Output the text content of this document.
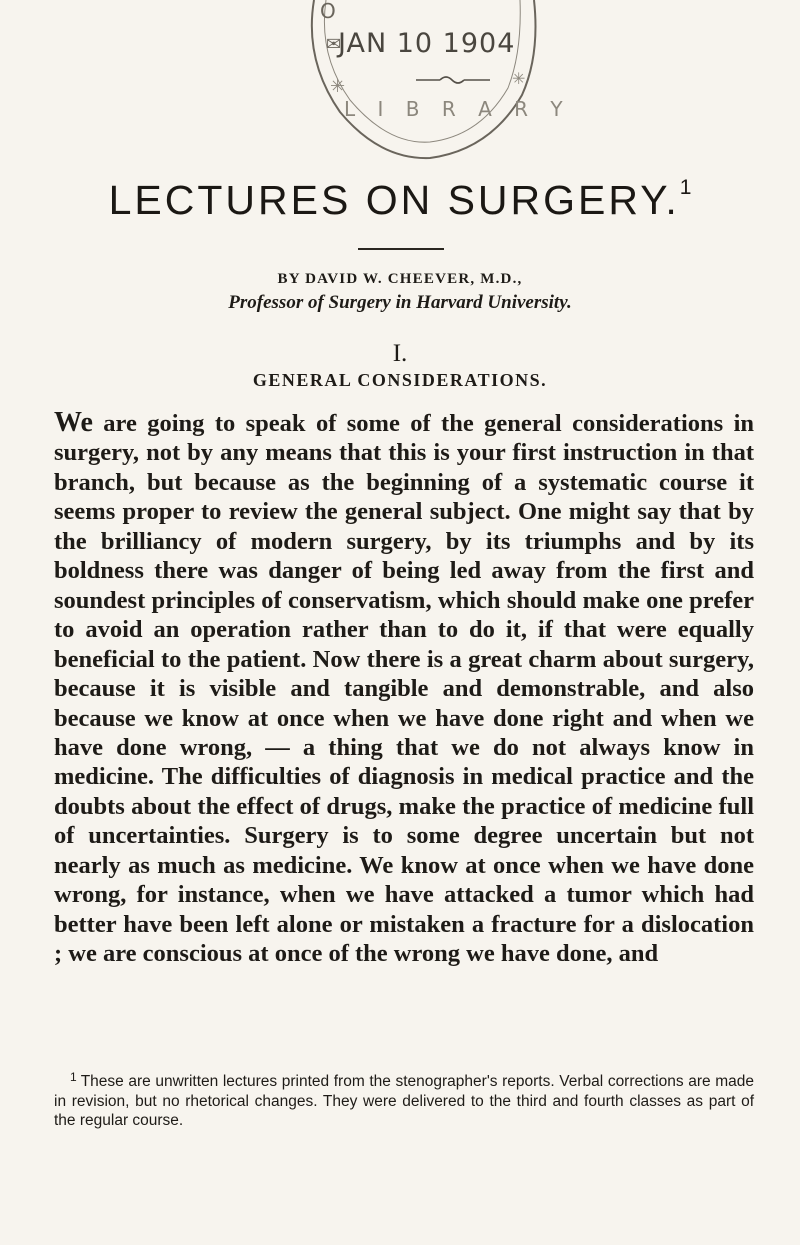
O
✉
✳	✳
L I B R A R Y
JAN 10 1904
LECTURES ON SURGERY.$^1$
BY DAVID W. CHEEVER, M.D.,
Professor of Surgery in Harvard University.
I.
GENERAL CONSIDERATIONS.

We are going to speak of some of the general considerations in surgery, not by any means that this is your first instruction in that branch, but because as the beginning of a systematic course it seems proper to review the general subject. One might say that by the brilliancy of modern surgery, by its triumphs and by its boldness there was danger of being led away from the first and soundest principles of conservatism, which should make one prefer to avoid an operation rather than to do it, if that were equally beneficial to the patient. Now there is a great charm about surgery, because it is visible and tangible and demonstrable, and also because we know at once when we have done right and when we have done wrong, — a thing that we do not always know in medicine. The difficulties of diagnosis in medical practice and the doubts about the effect of drugs, make the practice of medicine full of uncertainties. Surgery is to some degree uncertain but not nearly as much as medicine. We know at once when we have done wrong, for instance, when we have attacked a tumor which had better have been left alone or mistaken a fracture for a dislocation ; we are conscious at once of the wrong we have done, and

$^1$ These are unwritten lectures printed from the stenographer's reports. Verbal corrections are made in revision, but no rhetorical changes. They were delivered to the third and fourth classes as part of the regular course.
